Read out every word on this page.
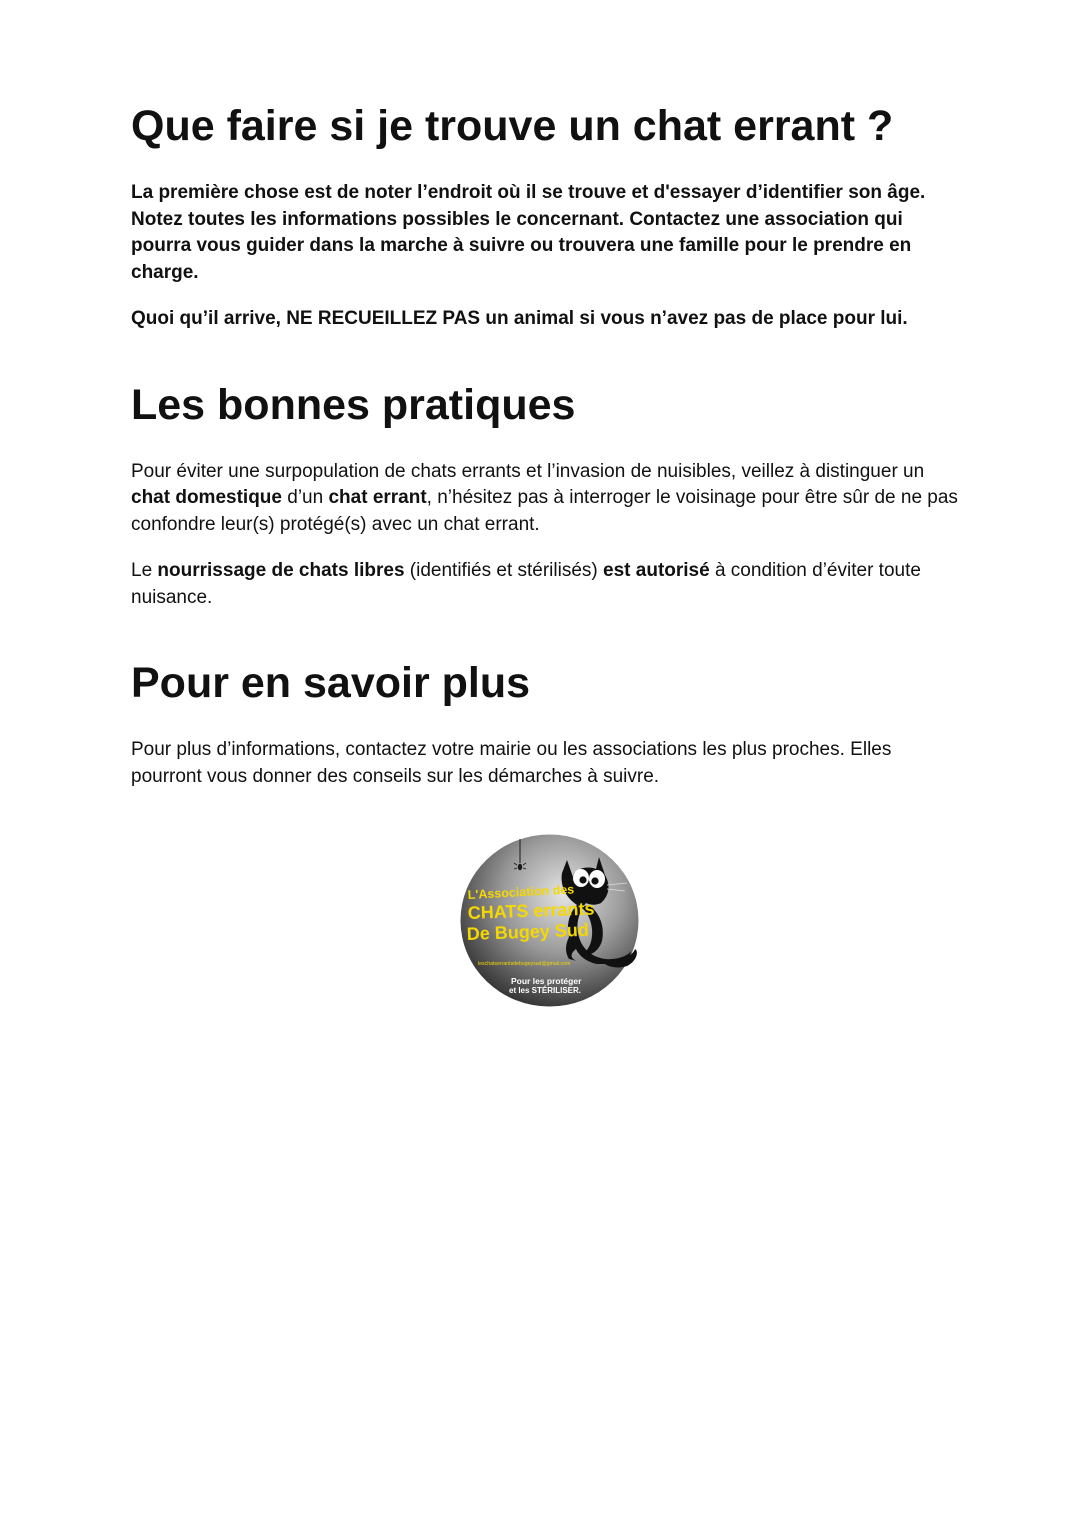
Que faire si je trouve un chat errant ?

La première chose est de noter l’endroit où il se trouve et d'essayer d’identifier son âge. Notez toutes les informations possibles le concernant. Contactez une association qui pourra vous guider dans la marche à suivre ou trouvera une famille pour le prendre en charge.

Quoi qu’il arrive, NE RECUEILLEZ PAS un animal si vous n’avez pas de place pour lui.

Les bonnes pratiques

Pour éviter une surpopulation de chats errants et l’invasion de nuisibles, veillez à distinguer un chat domestique d’un chat errant, n’hésitez pas à interroger le voisinage pour être sûr de ne pas confondre leur(s) protégé(s) avec un chat errant.

Le nourrissage de chats libres (identifiés et stérilisés) est autorisé à condition d’éviter toute nuisance.

Pour en savoir plus

Pour plus d’informations, contactez votre mairie ou les associations les plus proches. Elles pourront vous donner des conseils sur les démarches à suivre.

L'Association des
CHATS errants
De Bugey Sud
leschatserrantsdebugeysud@gmail.com
Pour les protéger
et les STÉRILISER.
